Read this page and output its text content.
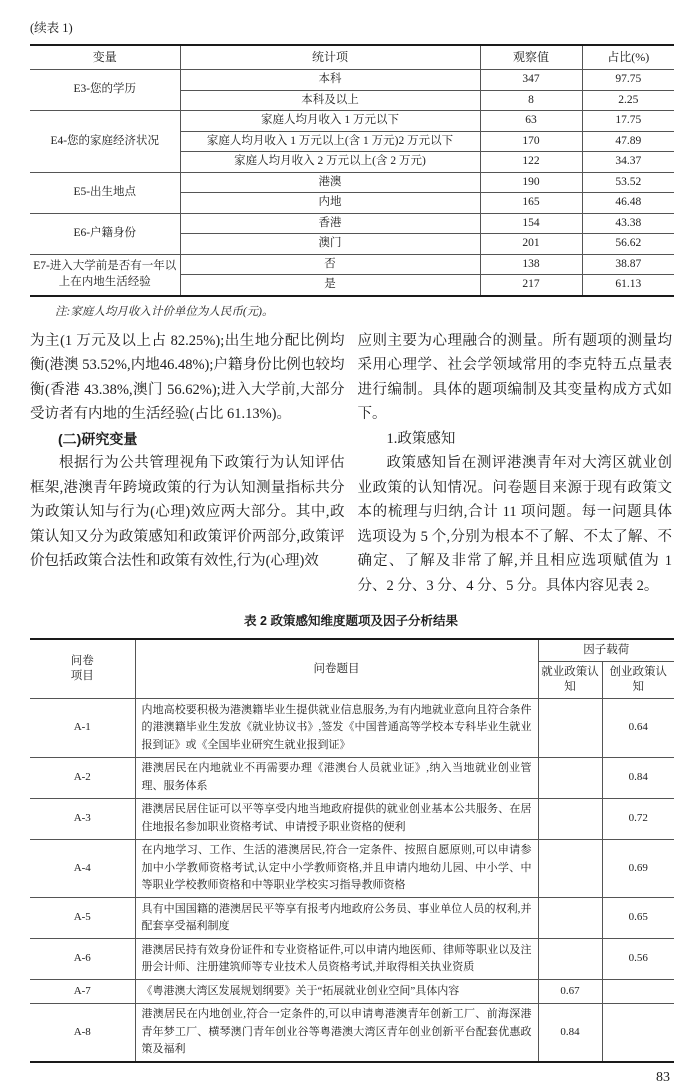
(续表 1)
变量	统计项	观察值	占比(%)
E3-您的学历	本科	347	97.75
	本科及以上	8	2.25
E4-您的家庭经济状况	家庭人均月收入 1 万元以下	63	17.75
	家庭人均月收入 1 万元以上(含 1 万元)2 万元以下	170	47.89
	家庭人均月收入 2 万元以上(含 2 万元)	122	34.37
E5-出生地点	港澳	190	53.52
	内地	165	46.48
E6-户籍身份	香港	154	43.38
	澳门	201	56.62
E7-进入大学前是否有一年以上在内地生活经验	否	138	38.87
	是	217	61.13
注:家庭人均月收入计价单位为人民币(元)。

为主(1 万元及以上占 82.25%);出生地分配比例均衡(港澳 53.52%,内地46.48%);户籍身份比例也较均衡(香港 43.38%,澳门 56.62%);进入大学前,大部分受访者有内地的生活经验(占比 61.13%)。

(二)研究变量

根据行为公共管理视角下政策行为认知评估框架,港澳青年跨境政策的行为认知测量指标共分为政策认知与行为(心理)效应两大部分。其中,政策认知又分为政策感知和政策评价两部分,政策评价包括政策合法性和政策有效性,行为(心理)效

应则主要为心理融合的测量。所有题项的测量均采用心理学、社会学领域常用的李克特五点量表进行编制。具体的题项编制及其变量构成方式如下。

1.政策感知

政策感知旨在测评港澳青年对大湾区就业创业政策的认知情况。问卷题目来源于现有政策文本的梳理与归纳,合计 11 项问题。每一问题具体选项设为 5 个,分别为根本不了解、不太了解、不确定、了解及非常了解,并且相应选项赋值为 1 分、2 分、3 分、4 分、5 分。具体内容见表 2。

表 2 政策感知维度题项及因子分析结果
问卷
项目	问卷题目	因子载荷	
		就业政策认知	创业政策认知
A-1	内地高校要积极为港澳籍毕业生提供就业信息服务,为有内地就业意向且符合条件的港澳籍毕业生发放《就业协议书》,签发《中国普通高等学校本专科毕业生就业报到证》或《全国毕业研究生就业报到证》		0.64
A-2	港澳居民在内地就业不再需要办理《港澳台人员就业证》,纳入当地就业创业管理、服务体系		0.84
A-3	港澳居民居住证可以平等享受内地当地政府提供的就业创业基本公共服务、在居住地报名参加职业资格考试、申请授予职业资格的便利		0.72
A-4	在内地学习、工作、生活的港澳居民,符合一定条件、按照自愿原则,可以申请参加中小学教师资格考试,认定中小学教师资格,并且申请内地幼儿园、中小学、中等职业学校教师资格和中等职业学校实习指导教师资格		0.69
A-5	具有中国国籍的港澳居民平等享有报考内地政府公务员、事业单位人员的权利,并配套享受福利制度		0.65
A-6	港澳居民持有效身份证件和专业资格证件,可以申请内地医师、律师等职业以及注册会计师、注册建筑师等专业技术人员资格考试,并取得相关执业资质		0.56
A-7	《粤港澳大湾区发展规划纲要》关于“拓展就业创业空间”具体内容	0.67	
A-8	港澳居民在内地创业,符合一定条件的,可以申请粤港澳青年创新工厂、前海深港青年梦工厂、横琴澳门青年创业谷等粤港澳大湾区青年创业创新平台配套优惠政策及福利	0.84	
83
